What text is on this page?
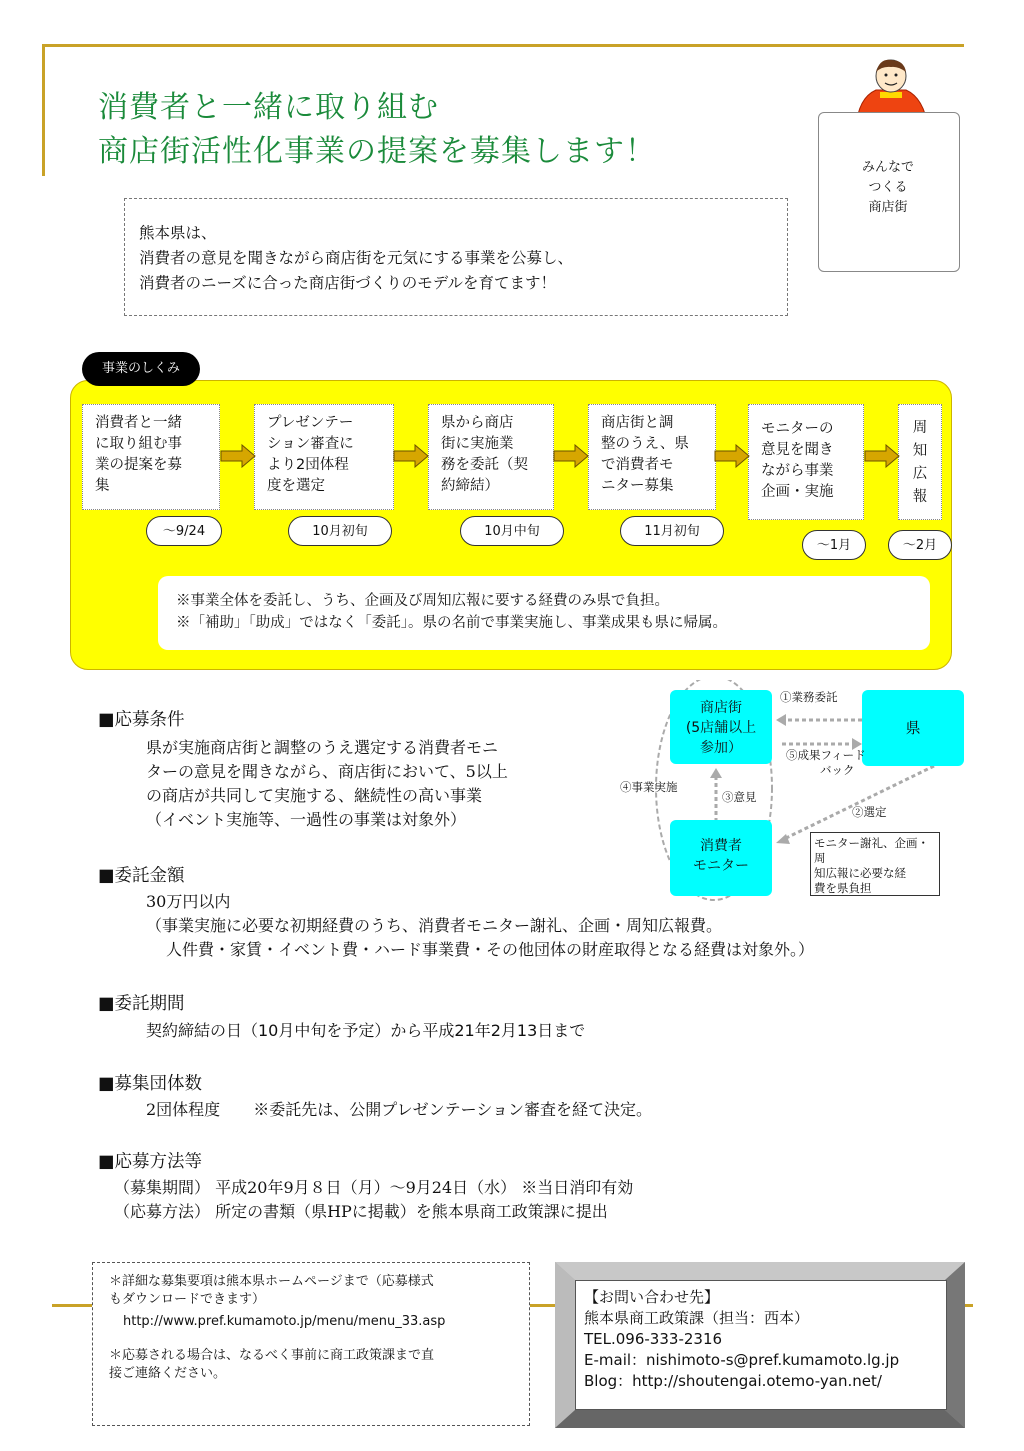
消費者と一緒に取り組む
商店街活性化事業の提案を募集します！	みんなで
つくる
商店街
熊本県は、
消費者の意見を聞きながら商店街を元気にする事業を公募し、
消費者のニーズに合った商店街づくりのモデルを育てます！
事業のしくみ
消費者と一緒
に取り組む事
業の提案を募
集
プレゼンテー
ション審査に
より2団体程
度を選定
県から商店
街に実施業
務を委託（契
約締結）
商店街と調
整のうえ、県
で消費者モ
ニター募集
モニターの
意見を聞き
ながら事業
企画・実施
周
知
広
報
～9/24	10月初旬	10月中旬	11月初旬
～1月	～2月
※事業全体を委託し、うち、企画及び周知広報に要する経費のみ県で負担。
※「補助」「助成」ではなく「委託」。県の名前で事業実施し、事業成果も県に帰属。
商店街
(5店舗以上
参加）
県
消費者
モニター
①業務委託
⑤成果フィード
バック
④事業実施
③意見
②選定
モニター謝礼、企画・周
知広報に必要な経
費を県負担
■応募条件
県が実施商店街と調整のうえ選定する消費者モニ
ターの意見を聞きながら、商店街において、5以上
の商店が共同して実施する、継続性の高い事業
（イベント実施等、一過性の事業は対象外）
■委託金額
30万円以内
（事業実施に必要な初期経費のうち、消費者モニター謝礼、企画・周知広報費。
人件費・家賃・イベント費・ハード事業費・その他団体の財産取得となる経費は対象外。）
■委託期間
契約締結の日（10月中旬を予定）から平成21年2月13日まで
■募集団体数
2団体程度 ※委託先は、公開プレゼンテーション審査を経て決定。
■応募方法等
（募集期間） 平成20年9月８日（月）～9月24日（水） ※当日消印有効
（応募方法） 所定の書類（県HPに掲載）を熊本県商工政策課に提出
＊詳細な募集要項は熊本県ホームページまで（応募様式
もダウンロードできます）
http://www.pref.kumamoto.jp/menu/menu_33.asp
＊応募される場合は、なるべく事前に商工政策課まで直
接ご連絡ください。
【お問い合わせ先】
熊本県商工政策課（担当：西本）
TEL.096-333-2316
E-mail：nishimoto-s@pref.kumamoto.lg.jp
Blog：http://shoutengai.otemo-yan.net/
